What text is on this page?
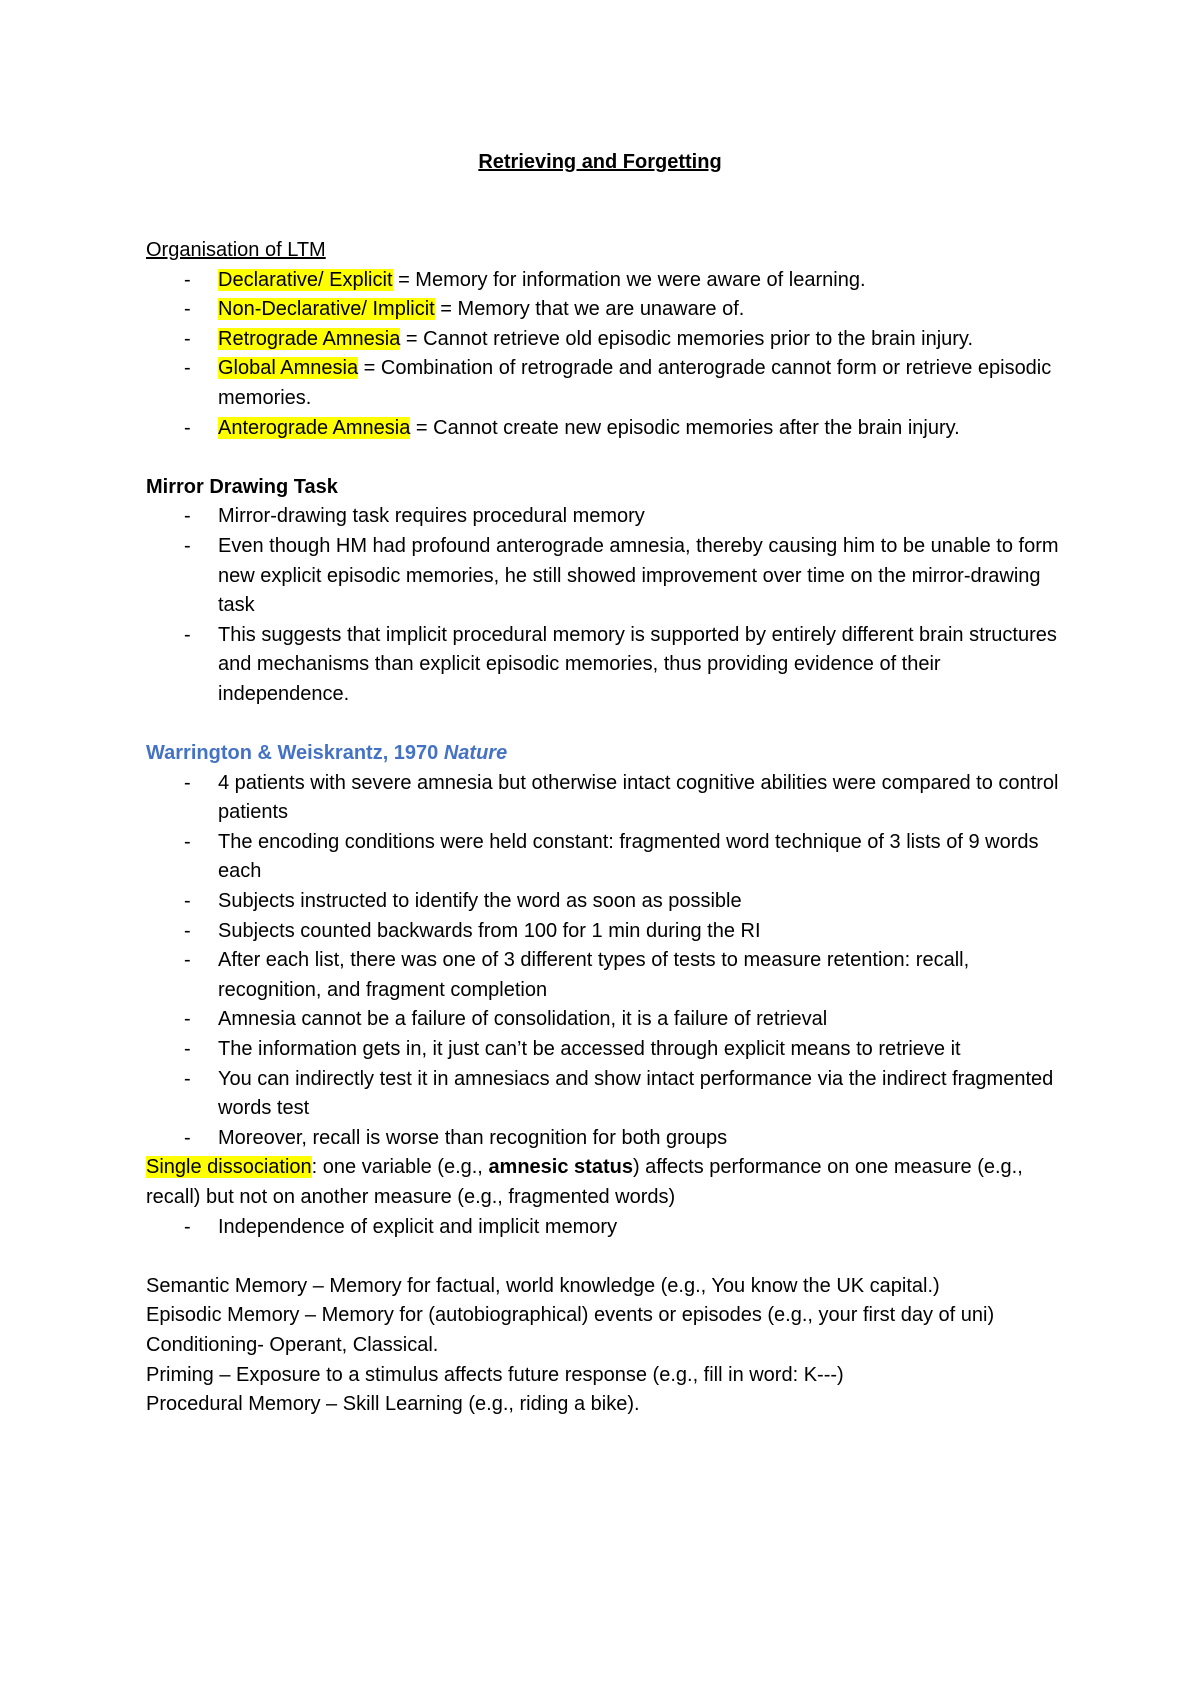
Retrieving and Forgetting

Organisation of LTM

- Declarative/ Explicit = Memory for information we were aware of learning.
- Non-Declarative/ Implicit = Memory that we are unaware of.
- Retrograde Amnesia = Cannot retrieve old episodic memories prior to the brain injury.
- Global Amnesia = Combination of retrograde and anterograde cannot form or retrieve episodic memories.
- Anterograde Amnesia = Cannot create new episodic memories after the brain injury.

Mirror Drawing Task

- Mirror-drawing task requires procedural memory
- Even though HM had profound anterograde amnesia, thereby causing him to be unable to form new explicit episodic memories, he still showed improvement over time on the mirror-drawing task
- This suggests that implicit procedural memory is supported by entirely different brain structures and mechanisms than explicit episodic memories, thus providing evidence of their independence.

Warrington & Weiskrantz, 1970 Nature

- 4 patients with severe amnesia but otherwise intact cognitive abilities were compared to control patients
- The encoding conditions were held constant: fragmented word technique of 3 lists of 9 words each
- Subjects instructed to identify the word as soon as possible
- Subjects counted backwards from 100 for 1 min during the RI
- After each list, there was one of 3 different types of tests to measure retention: recall, recognition, and fragment completion
- Amnesia cannot be a failure of consolidation, it is a failure of retrieval
- The information gets in, it just can’t be accessed through explicit means to retrieve it
- You can indirectly test it in amnesiacs and show intact performance via the indirect fragmented words test
- Moreover, recall is worse than recognition for both groups

Single dissociation: one variable (e.g., amnesic status) affects performance on one measure (e.g., recall) but not on another measure (e.g., fragmented words)

- Independence of explicit and implicit memory

Semantic Memory – Memory for factual, world knowledge (e.g., You know the UK capital.)

Episodic Memory – Memory for (autobiographical) events or episodes (e.g., your first day of uni)

Conditioning- Operant, Classical.

Priming – Exposure to a stimulus affects future response (e.g., fill in word: K---)

Procedural Memory – Skill Learning (e.g., riding a bike).
